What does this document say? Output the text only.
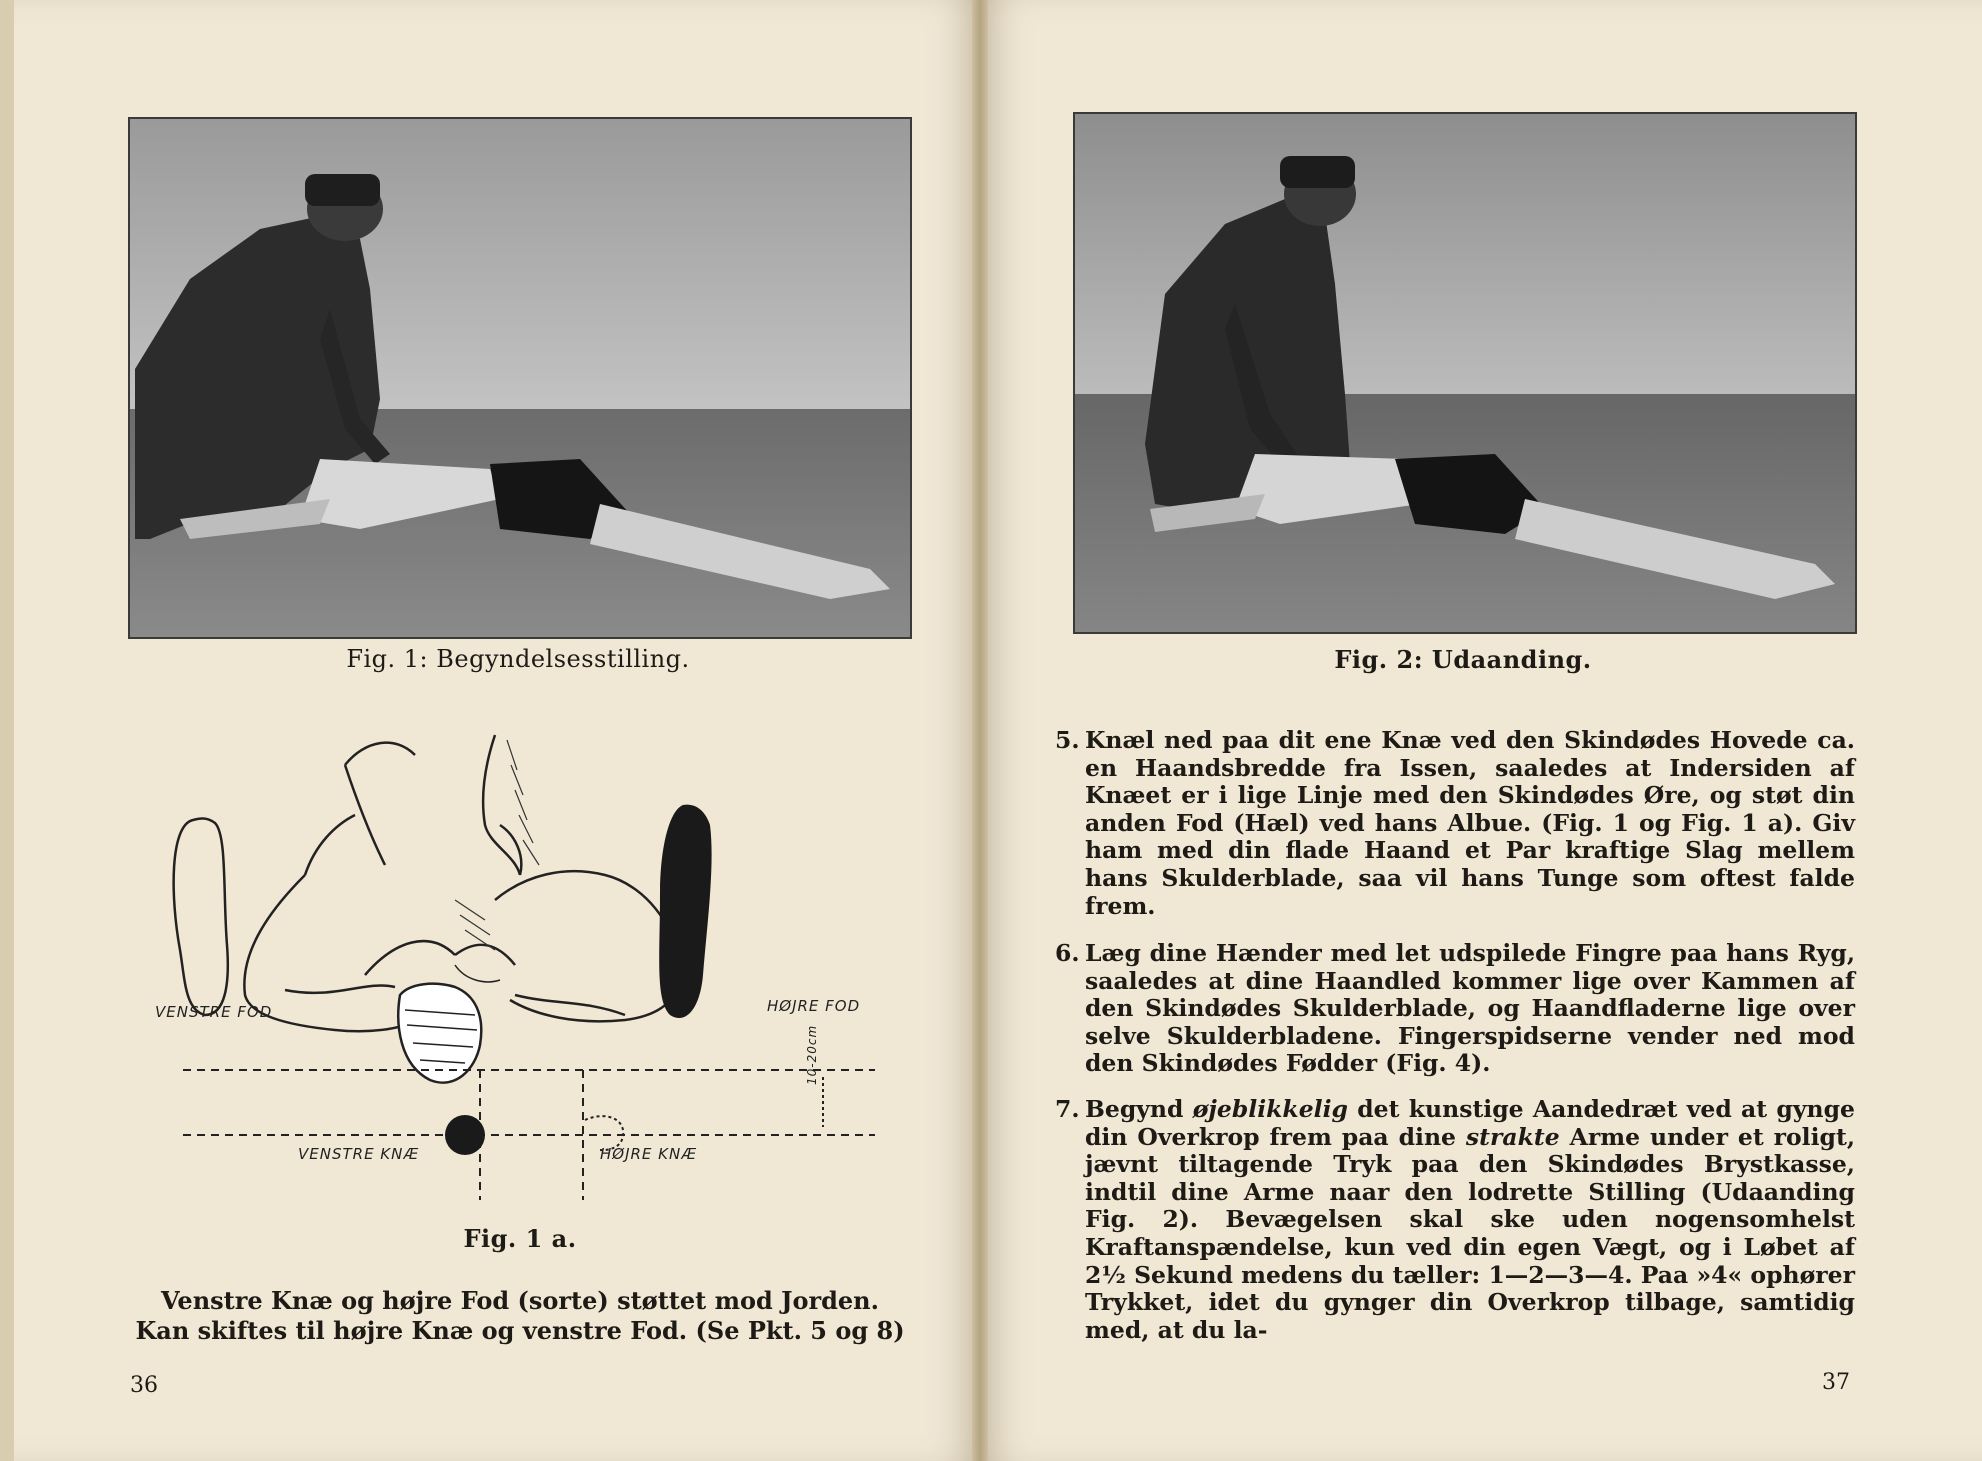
Fig. 1: Begyndelsesstilling.
VENSTRE FOD	HØJRE FOD
VENSTRE KNÆ	HØJRE KNÆ
10-20cm
Fig. 1 a.
Venstre Knæ og højre Fod (sorte) støttet mod Jorden.
Kan skiftes til højre Knæ og venstre Fod. (Se Pkt. 5 og 8)
36
Fig. 2: Udaanding.
5. Knæl ned paa dit ene Knæ ved den Skindødes Hovede ca. en Haandsbredde fra Issen, saaledes at Indersiden af Knæet er i lige Linje med den Skindødes Øre, og støt din anden Fod (Hæl) ved hans Albue. (Fig. 1 og Fig. 1 a). Giv ham med din flade Haand et Par kraftige Slag mellem hans Skulderblade, saa vil hans Tunge som oftest falde frem.
6. Læg dine Hænder med let udspilede Fingre paa hans Ryg, saaledes at dine Haandled kommer lige over Kammen af den Skindødes Skulderblade, og Haandfladerne lige over selve Skulderbladene. Fingerspidserne vender ned mod den Skindødes Fødder (Fig. 4).
7. Begynd øjeblikkelig det kunstige Aandedræt ved at gynge din Overkrop frem paa dine strakte Arme under et roligt, jævnt tiltagende Tryk paa den Skindødes Brystkasse, indtil dine Arme naar den lodrette Stilling (Udaanding Fig. 2). Bevægelsen skal ske uden nogensomhelst Kraftanspændelse, kun ved din egen Vægt, og i Løbet af 2½ Sekund medens du tæller: 1—2—3—4. Paa »4« ophører Trykket, idet du gynger din Overkrop tilbage, samtidig med, at du la-
37
